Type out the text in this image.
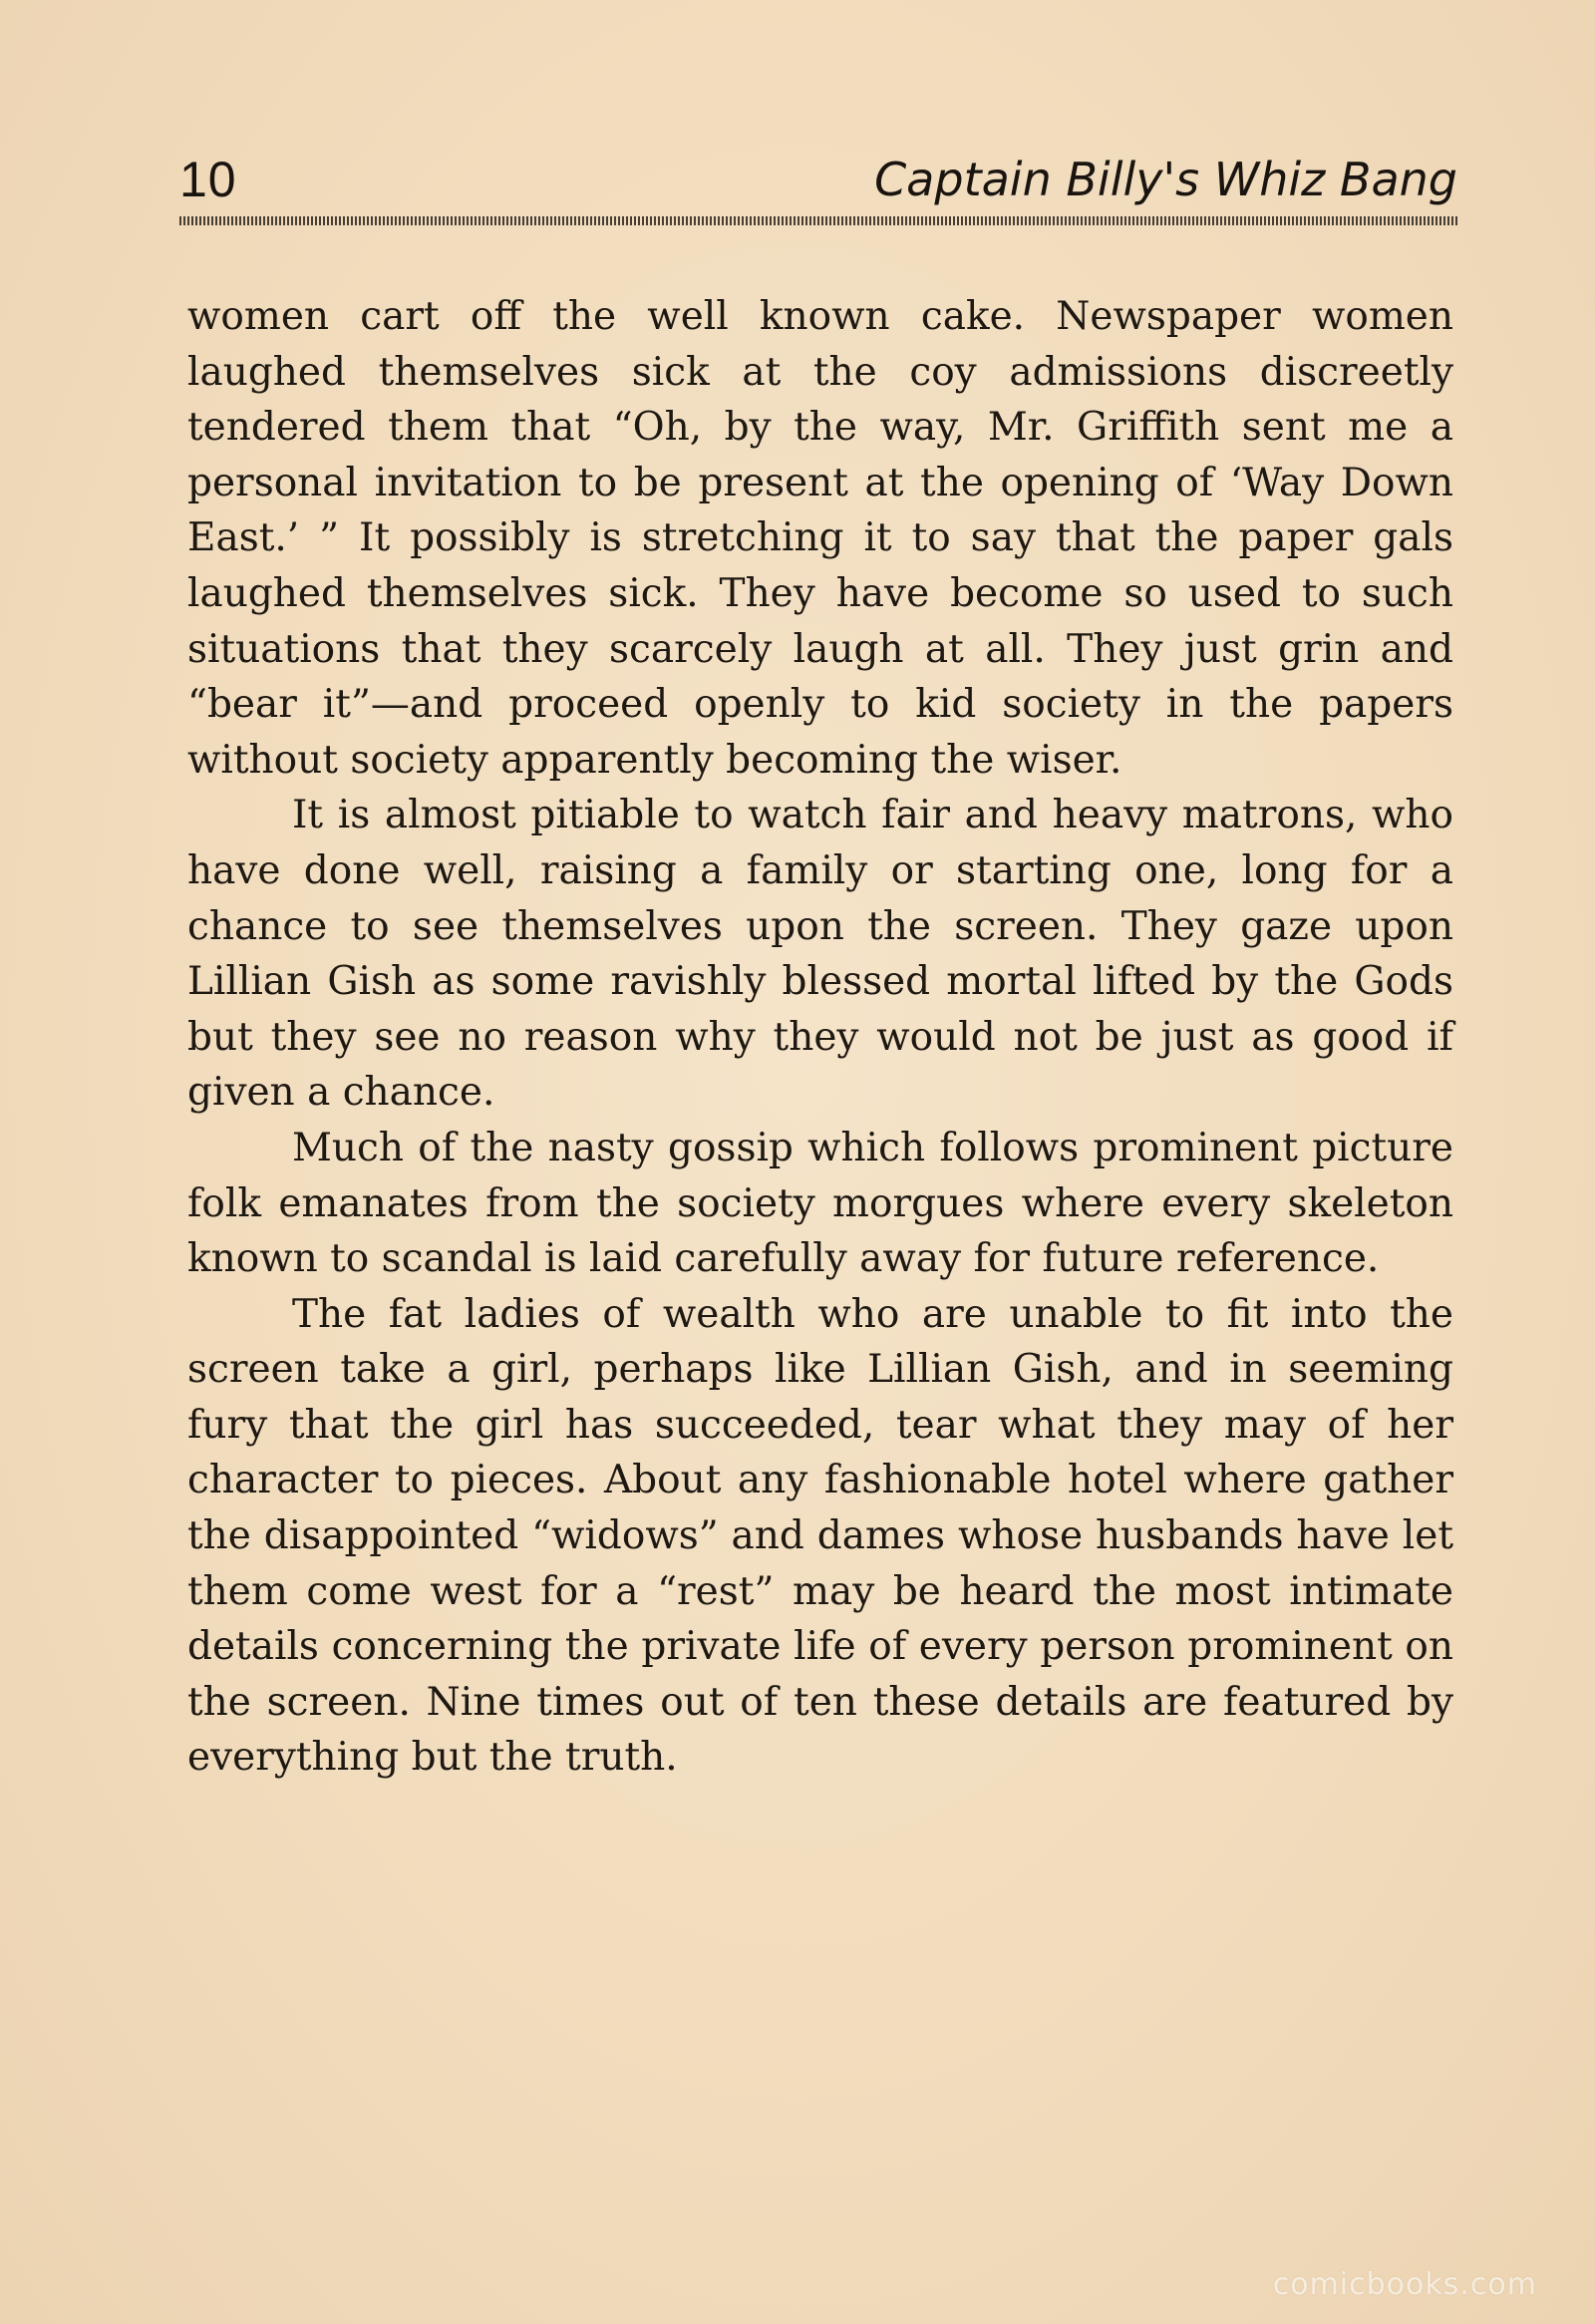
10	Captain Billy's Whiz Bang

women cart off the well known cake. Newspaper women laughed themselves sick at the coy admissions discreetly tendered them that “Oh, by the way, Mr. Griffith sent me a personal invitation to be present at the opening of ‘Way Down East.’ ” It possibly is stretching it to say that the paper gals laughed themselves sick. They have become so used to such situations that they scarcely laugh at all. They just grin and “bear it”—and proceed openly to kid society in the papers without society apparently becoming the wiser.

It is almost pitiable to watch fair and heavy matrons, who have done well, raising a family or starting one, long for a chance to see themselves upon the screen. They gaze upon Lillian Gish as some ravishly blessed mortal lifted by the Gods but they see no reason why they would not be just as good if given a chance.

Much of the nasty gossip which follows prominent picture folk emanates from the society morgues where every skeleton known to scandal is laid carefully away for future reference.

The fat ladies of wealth who are unable to fit into the screen take a girl, perhaps like Lillian Gish, and in seeming fury that the girl has succeeded, tear what they may of her character to pieces. About any fashionable hotel where gather the disappointed “widows” and dames whose husbands have let them come west for a “rest” may be heard the most intimate details concerning the private life of every person prominent on the screen. Nine times out of ten these details are featured by everything but the truth.

comicbooks.com
